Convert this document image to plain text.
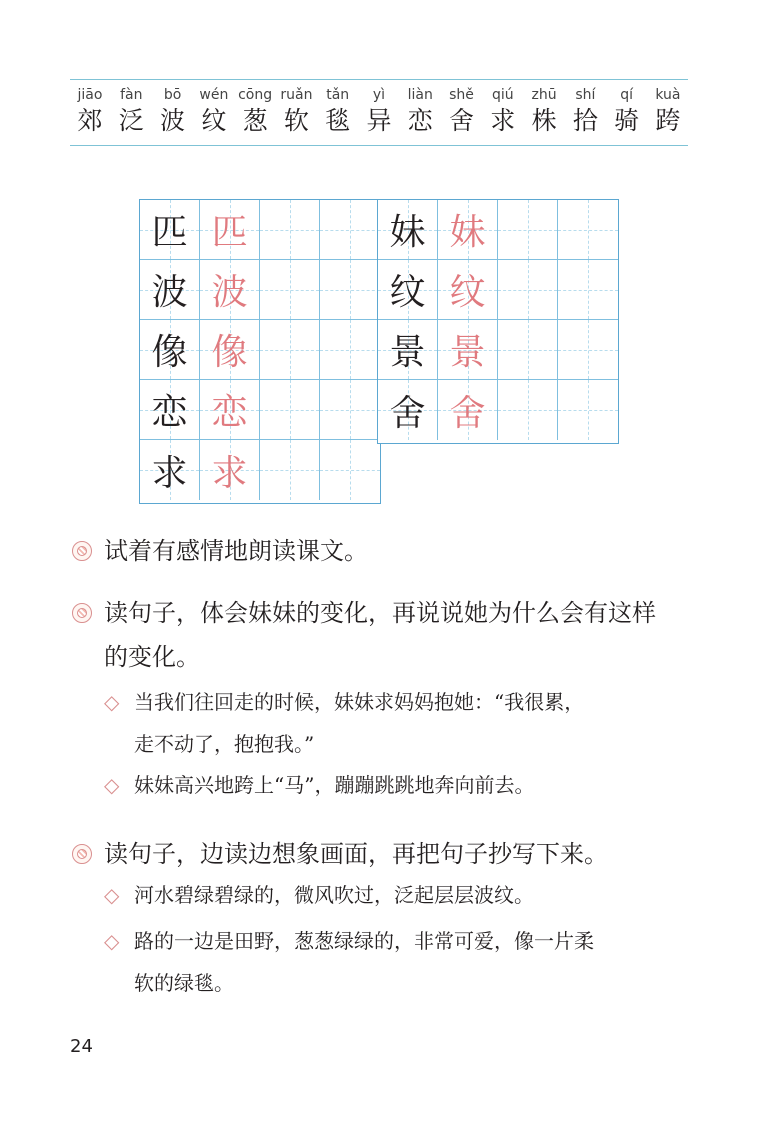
jiāo
郊
fàn
泛
bō
波
wén
纹
cōng
葱
ruǎn
软
tǎn
毯
yì
异
liàn
恋
shě
舍
qiú
求
zhū
株
shí
拾
qí
骑
kuà
跨
匹 匹
波 波
像 像
恋 恋
求 求
妹 妹
纹 纹
景 景
舍 舍
试着有感情地朗读课文。
读句子，体会妹妹的变化，再说说她为什么会有这样
的变化。
◇ 当我们往回走的时候，妹妹求妈妈抱她：“我很累，
走不动了，抱抱我。”
◇ 妹妹高兴地跨上“马”，蹦蹦跳跳地奔向前去。
读句子，边读边想象画面，再把句子抄写下来。
◇ 河水碧绿碧绿的，微风吹过，泛起层层波纹。
◇ 路的一边是田野，葱葱绿绿的，非常可爱，像一片柔
软的绿毯。
24
